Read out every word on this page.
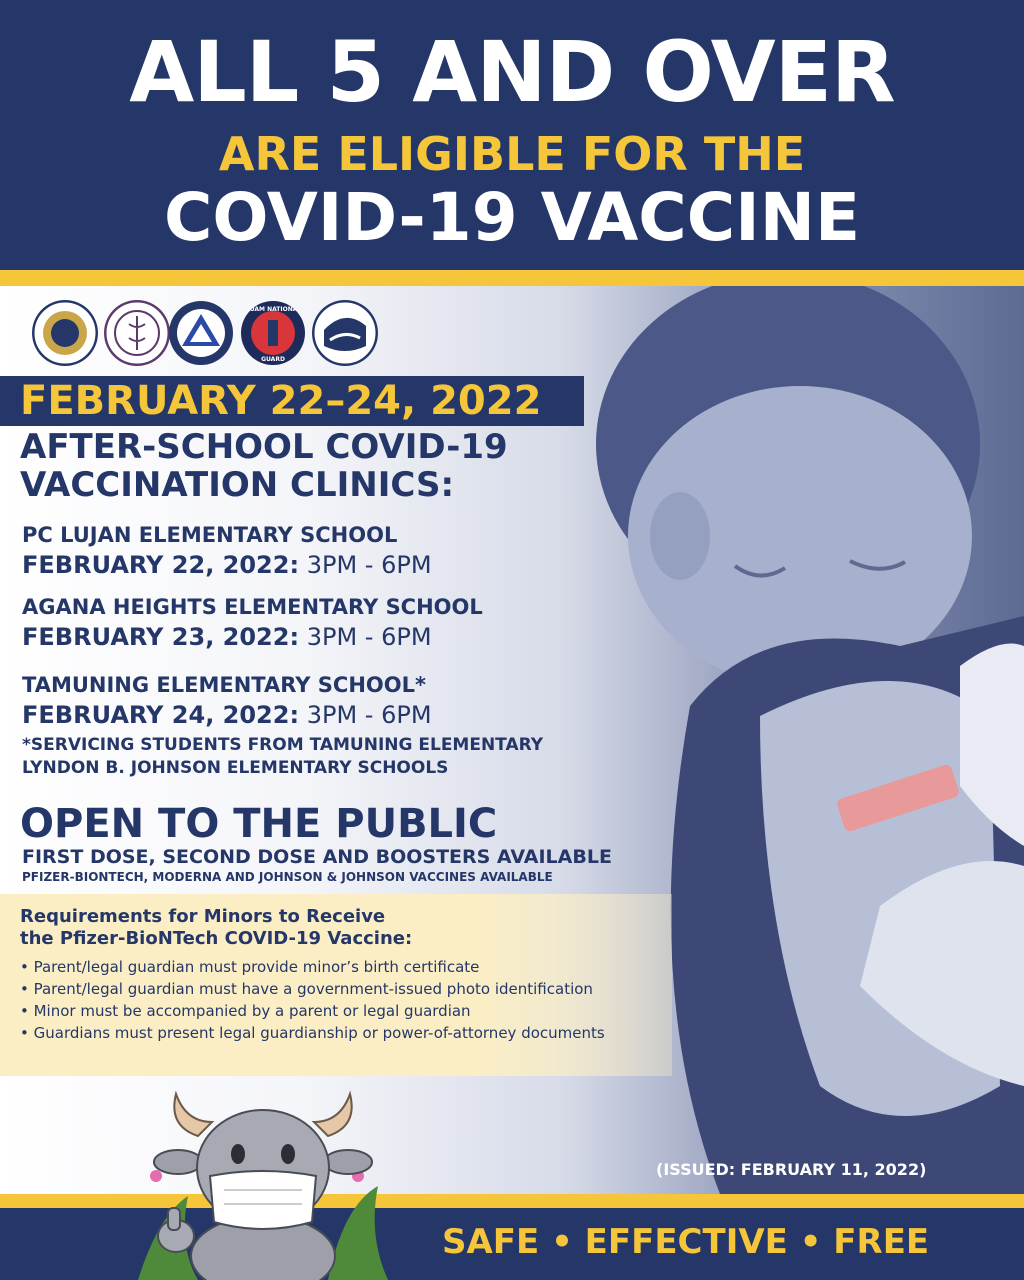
ALL 5 AND OVER
ARE ELIGIBLE FOR THE
COVID-19 VACCINE
GUAM NATIONAL
GUARD
FEBRUARY 22–24, 2022
AFTER-SCHOOL COVID-19
VACCINATION CLINICS:
PC LUJAN ELEMENTARY SCHOOL
FEBRUARY 22, 2022: 3PM - 6PM
AGANA HEIGHTS ELEMENTARY SCHOOL
FEBRUARY 23, 2022: 3PM - 6PM
TAMUNING ELEMENTARY SCHOOL*
FEBRUARY 24, 2022: 3PM - 6PM
*SERVICING STUDENTS FROM TAMUNING ELEMENTARY
LYNDON B. JOHNSON ELEMENTARY SCHOOLS
OPEN TO THE PUBLIC
FIRST DOSE, SECOND DOSE AND BOOSTERS AVAILABLE
PFIZER-BIONTECH, MODERNA AND JOHNSON & JOHNSON VACCINES AVAILABLE
Requirements for Minors to Receive
the Pfizer-BioNTech COVID-19 Vaccine:
• Parent/legal guardian must provide minor’s birth certificate
• Parent/legal guardian must have a government-issued photo identification
• Minor must be accompanied by a parent or legal guardian
• Guardians must present legal guardianship or power-of-attorney documents
(ISSUED: FEBRUARY 11, 2022)
SAFE • EFFECTIVE • FREE
